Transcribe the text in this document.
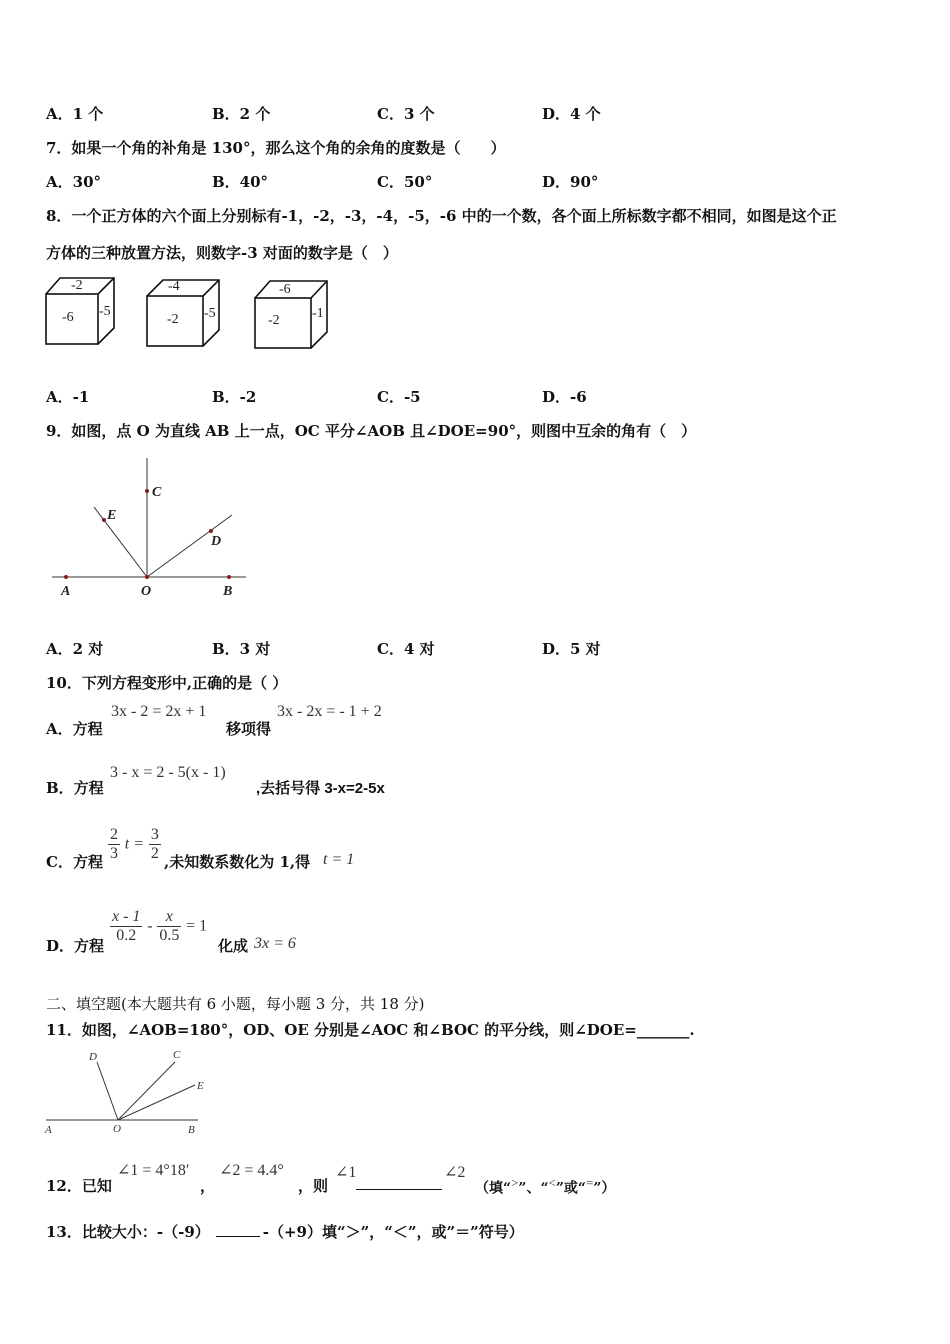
A．1 个	B．2 个	C．3 个	D．4 个
7．如果一个角的补角是 130°，那么这个角的余角的度数是（　　）
A．30°	B．40°	C．50°	D．90°
8．一个正方体的六个面上分别标有-1，-2，-3，-4，-5，-6 中的一个数，各个面上所标数字都不相同，如图是这个正
方体的三种放置方法，则数字-3 对面的数字是（　）
-2
-6 -5
-4
-2 -5
-6
-2 -1
A．-1	B．-2	C．-5	D．-6
9．如图，点 O 为直线 AB 上一点，OC 平分∠AOB 且∠DOE=90°，则图中互余的角有（　）
A	O	B
C
D
E
A．2 对	B．3 对	C．4 对	D．5 对
10．下列方程变形中,正确的是（ ）
A．方程
3x - 2 = 2x + 1
移项得
3x - 2x = - 1 + 2
B．方程
3 - x = 2 - 5(x - 1)
,去括号得 3-x=2-5x
C．方程 $\frac{2}{3}$ $t = \frac{3}{2}$ ,未知数系数化为 1,得 t = 1
D．方程
$\frac{x - 1}{0.2} - \frac{x}{0.5} = 1$
化成 3x = 6
二、填空题(本大题共有 6 小题，每小题 3 分，共 18 分)
11．如图，∠AOB=180°，OD、OE 分别是∠AOC 和∠BOC 的平分线，则∠DOE=_______.
D	C
E
A	O	B
12．已知
∠1 = 4°18′
，
∠2 = 4.4°
，则
∠1	∠2
（填“>”、“<”或“=”）
13．比较大小：-（-9）	-（+9）填“＞”，“＜”，或”＝”符号）
